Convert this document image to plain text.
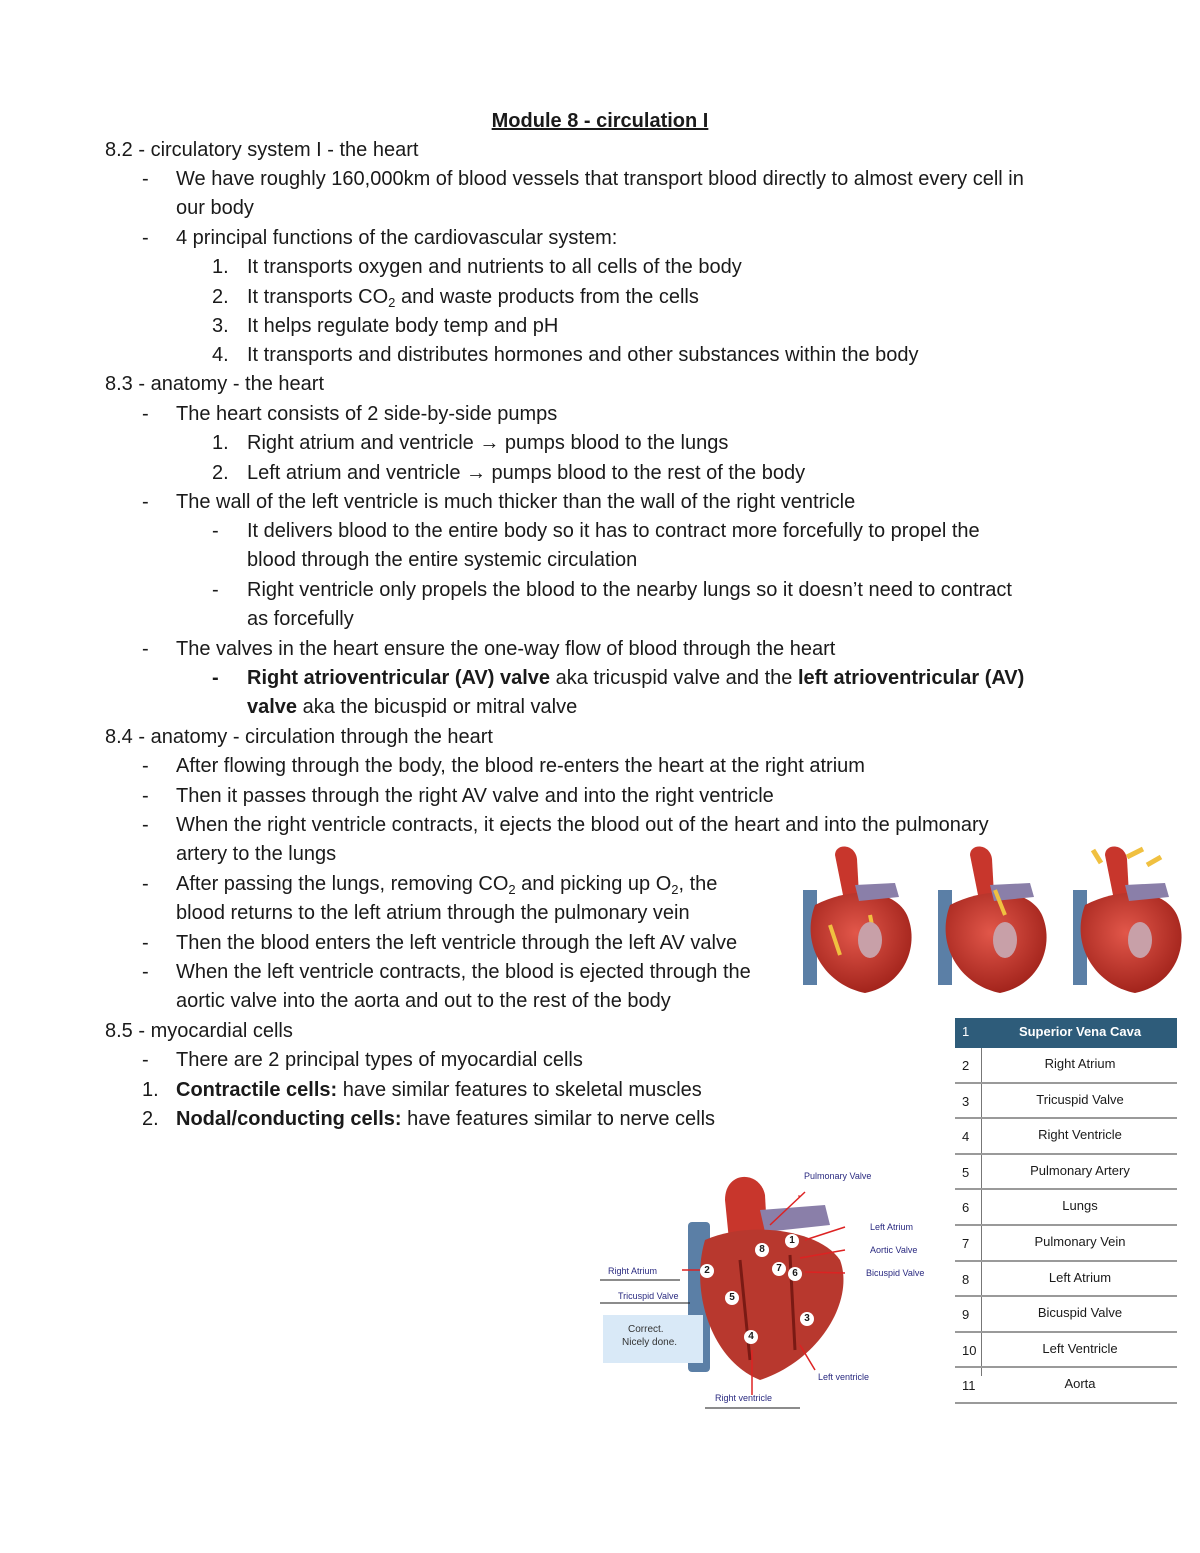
Module 8 - circulation I
8.2 - circulatory system I - the heart
- We have roughly 160,000km of blood vessels that transport blood directly to almost every cell in
our body
- 4 principal functions of the cardiovascular system:
1. It transports oxygen and nutrients to all cells of the body
2. It transports $CO_2$ and waste products from the cells
3. It helps regulate body temp and pH
4. It transports and distributes hormones and other substances within the body
8.3 - anatomy - the heart
- The heart consists of 2 side-by-side pumps
1. Right atrium and ventricle → pumps blood to the lungs
2. Left atrium and ventricle → pumps blood to the rest of the body
- The wall of the left ventricle is much thicker than the wall of the right ventricle
- It delivers blood to the entire body so it has to contract more forcefully to propel the
blood through the entire systemic circulation
- Right ventricle only propels the blood to the nearby lungs so it doesn’t need to contract
as forcefully
- The valves in the heart ensure the one-way flow of blood through the heart
- Right atrioventricular (AV) valve aka tricuspid valve and the left atrioventricular (AV)
valve aka the bicuspid or mitral valve
8.4 - anatomy - circulation through the heart
- After flowing through the body, the blood re-enters the heart at the right atrium
- Then it passes through the right AV valve and into the right ventricle
- When the right ventricle contracts, it ejects the blood out of the heart and into the pulmonary
artery to the lungs
- After passing the lungs, removing $CO_2$ and picking up $O_2$, the
blood returns to the left atrium through the pulmonary vein
- Then the blood enters the left ventricle through the left AV valve
- When the left ventricle contracts, the blood is ejected through the
aortic valve into the aorta and out to the rest of the body
8.5 - myocardial cells
- There are 2 principal types of myocardial cells
1. Contractile cells: have similar features to skeletal muscles
2. Nodal/conducting cells: have features similar to nerve cells
Pulmonary Valve
Left Atrium
Aortic Valve
Bicuspid Valve
Right Atrium
Tricuspid Valve
Correct.
Nicely done.
Left ventricle
Right ventricle
1
2
3
4
5
6
7
8
1	Superior Vena Cava
2	Right Atrium
3	Tricuspid Valve
4	Right Ventricle
5	Pulmonary Artery
6	Lungs
7	Pulmonary Vein
8	Left Atrium
9	Bicuspid Valve
10	Left Ventricle
11	Aorta
